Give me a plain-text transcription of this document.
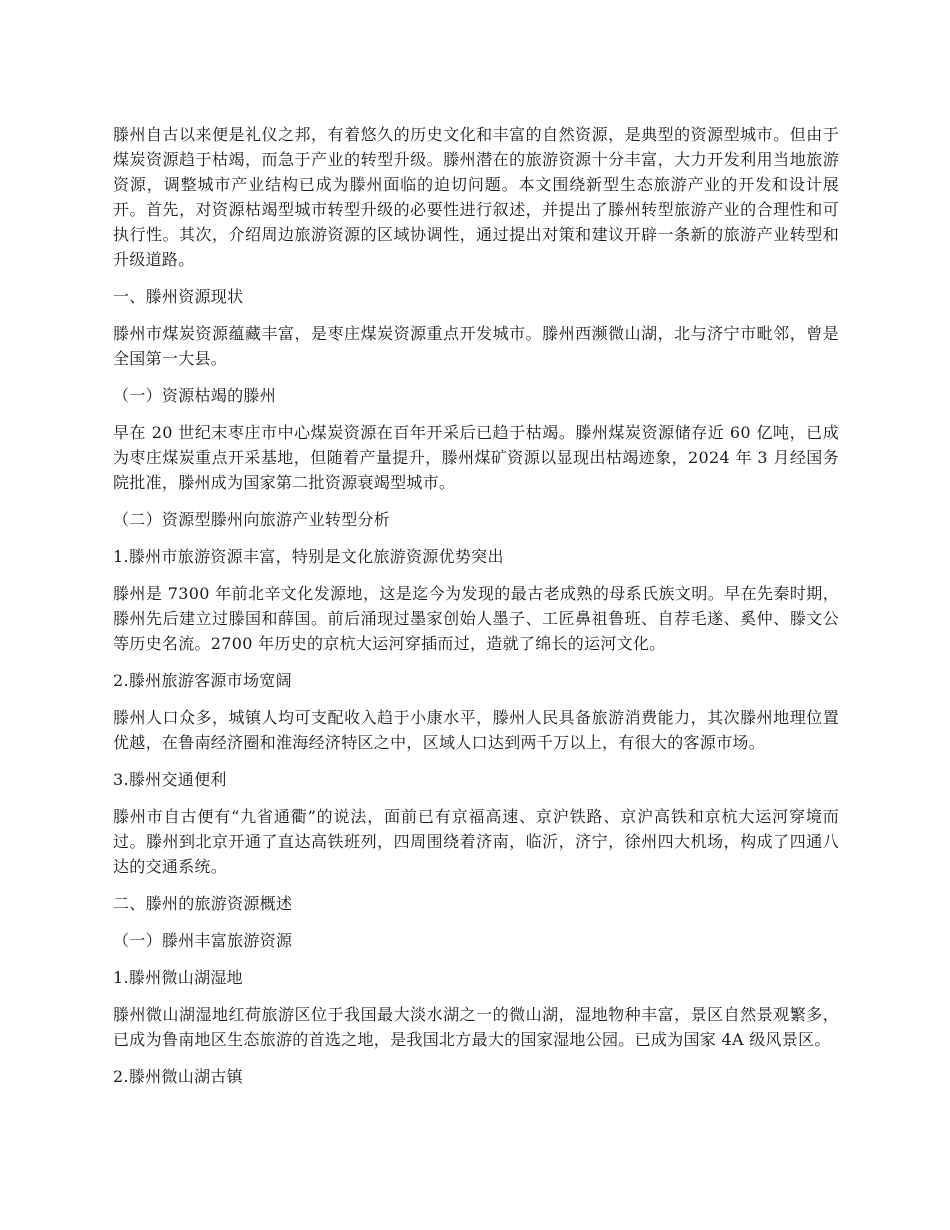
滕州自古以来便是礼仪之邦，有着悠久的历史文化和丰富的自然资源，是典型的资源型城市。但由于煤炭资源趋于枯竭，而急于产业的转型升级。滕州潜在的旅游资源十分丰富，大力开发利用当地旅游资源，调整城市产业结构已成为滕州面临的迫切问题。本文围绕新型生态旅游产业的开发和设计展开。首先，对资源枯竭型城市转型升级的必要性进行叙述，并提出了滕州转型旅游产业的合理性和可执行性。其次，介绍周边旅游资源的区域协调性，通过提出对策和建议开辟一条新的旅游产业转型和升级道路。

一、滕州资源现状

滕州市煤炭资源蕴藏丰富，是枣庄煤炭资源重点开发城市。滕州西濒微山湖，北与济宁市毗邻，曾是全国第一大县。

（一）资源枯竭的滕州

早在 20 世纪末枣庄市中心煤炭资源在百年开采后已趋于枯竭。滕州煤炭资源储存近 60 亿吨，已成为枣庄煤炭重点开采基地，但随着产量提升，滕州煤矿资源以显现出枯竭迹象，2024 年 3 月经国务院批准，滕州成为国家第二批资源衰竭型城市。

（二）资源型滕州向旅游产业转型分析

1.滕州市旅游资源丰富，特别是文化旅游资源优势突出

滕州是 7300 年前北辛文化发源地，这是迄今为发现的最古老成熟的母系氏族文明。早在先秦时期，滕州先后建立过滕国和薛国。前后涌现过墨家创始人墨子、工匠鼻祖鲁班、自荐毛遂、奚仲、滕文公等历史名流。2700 年历史的京杭大运河穿插而过，造就了绵长的运河文化。

2.滕州旅游客源市场宽阔

滕州人口众多，城镇人均可支配收入趋于小康水平，滕州人民具备旅游消费能力，其次滕州地理位置优越，在鲁南经济圈和淮海经济特区之中，区域人口达到两千万以上，有很大的客源市场。

3.滕州交通便利

滕州市自古便有“九省通衢”的说法，面前已有京福高速、京沪铁路、京沪高铁和京杭大运河穿境而过。滕州到北京开通了直达高铁班列，四周围绕着济南，临沂，济宁，徐州四大机场，构成了四通八达的交通系统。

二、滕州的旅游资源概述

（一）滕州丰富旅游资源

1.滕州微山湖湿地

滕州微山湖湿地红荷旅游区位于我国最大淡水湖之一的微山湖，湿地物种丰富，景区自然景观繁多，已成为鲁南地区生态旅游的首选之地，是我国北方最大的国家湿地公园。已成为国家 4A 级风景区。

2.滕州微山湖古镇
